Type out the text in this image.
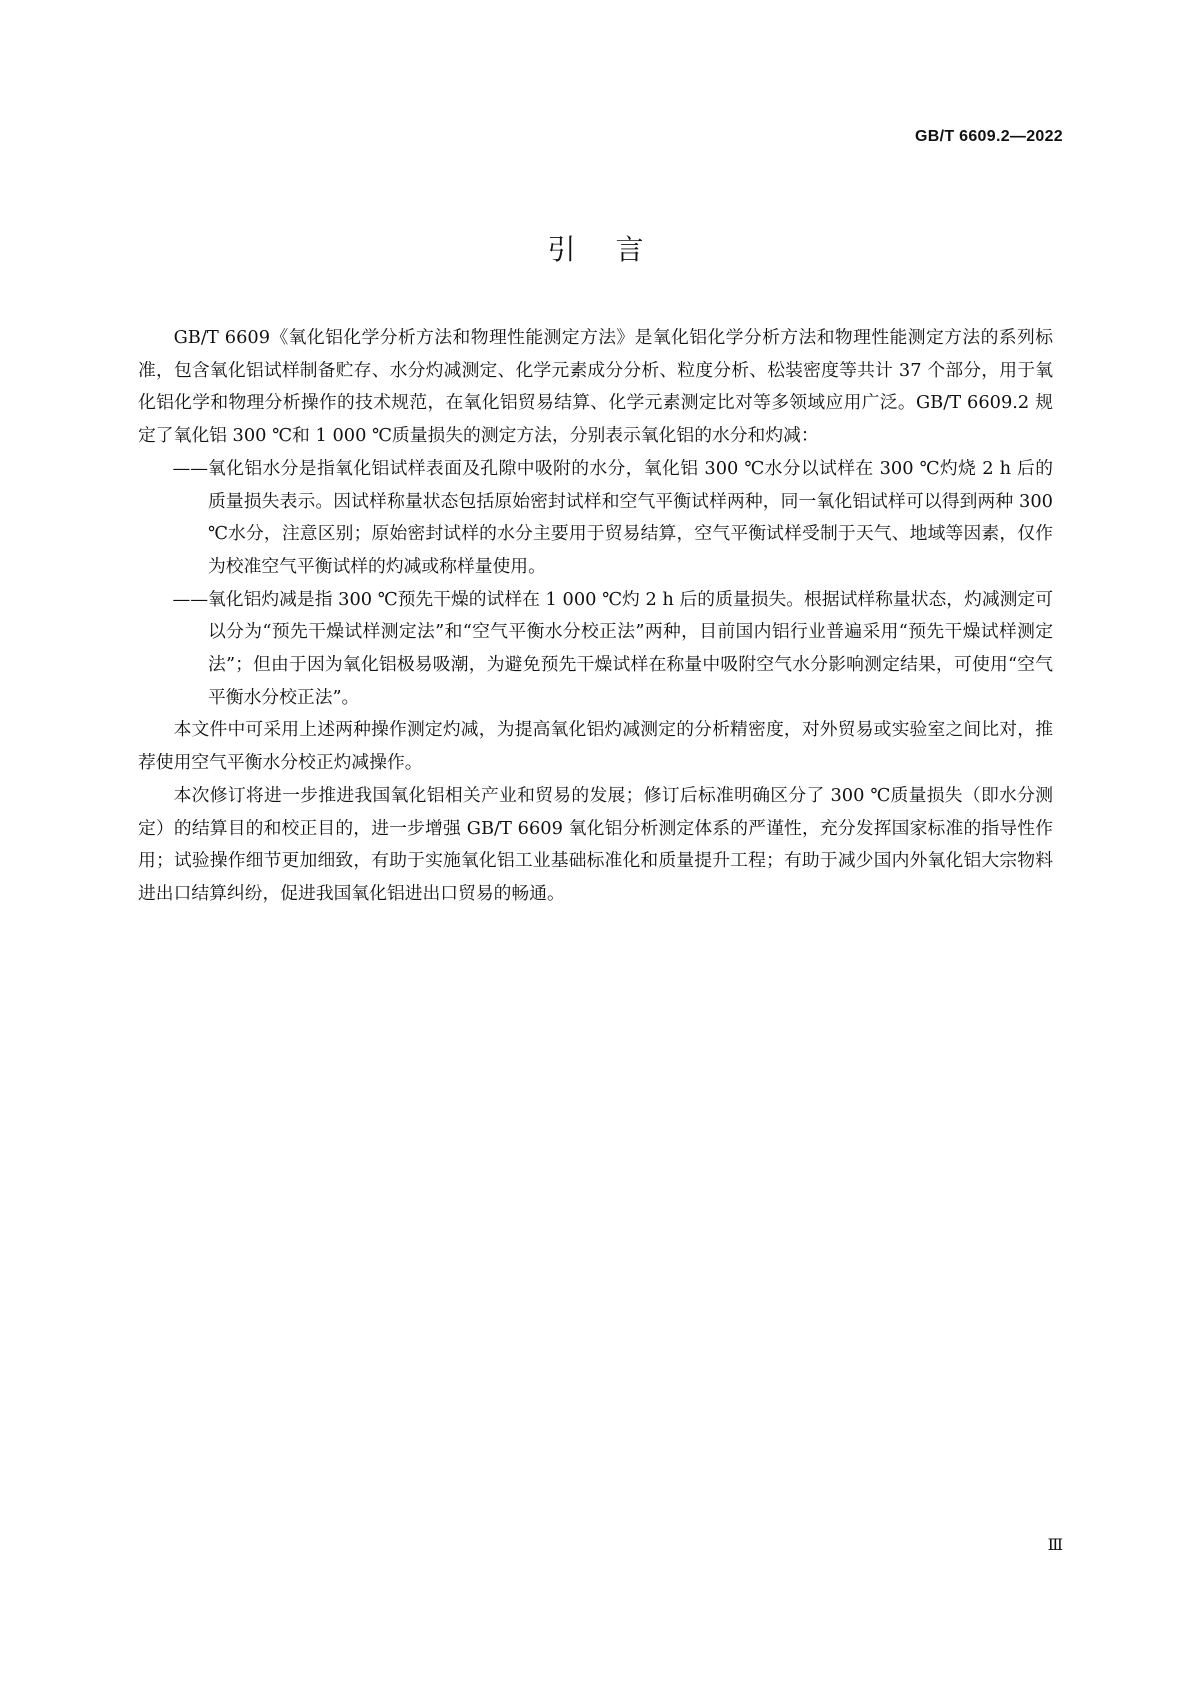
GB/T 6609.2—2022
引言

GB/T 6609《氧化铝化学分析方法和物理性能测定方法》是氧化铝化学分析方法和物理性能测定方法的系列标准，包含氧化铝试样制备贮存、水分灼减测定、化学元素成分分析、粒度分析、松装密度等共计 37 个部分，用于氧化铝化学和物理分析操作的技术规范，在氧化铝贸易结算、化学元素测定比对等多领域应用广泛。GB/T 6609.2 规定了氧化铝 300 ℃和 1 000 ℃质量损失的测定方法，分别表示氧化铝的水分和灼减：

—— 氧化铝水分是指氧化铝试样表面及孔隙中吸附的水分，氧化铝 300 ℃水分以试样在 300 ℃灼烧 2 h 后的质量损失表示。因试样称量状态包括原始密封试样和空气平衡试样两种，同一氧化铝试样可以得到两种 300 ℃水分，注意区别；原始密封试样的水分主要用于贸易结算，空气平衡试样受制于天气、地域等因素，仅作为校准空气平衡试样的灼减或称样量使用。
—— 氧化铝灼减是指 300 ℃预先干燥的试样在 1 000 ℃灼 2 h 后的质量损失。根据试样称量状态，灼减测定可以分为“预先干燥试样测定法”和“空气平衡水分校正法”两种，目前国内铝行业普遍采用“预先干燥试样测定法”；但由于因为氧化铝极易吸潮，为避免预先干燥试样在称量中吸附空气水分影响测定结果，可使用“空气平衡水分校正法”。

本文件中可采用上述两种操作测定灼减，为提高氧化铝灼减测定的分析精密度，对外贸易或实验室之间比对，推荐使用空气平衡水分校正灼减操作。

本次修订将进一步推进我国氧化铝相关产业和贸易的发展；修订后标准明确区分了 300 ℃质量损失（即水分测定）的结算目的和校正目的，进一步增强 GB/T 6609 氧化铝分析测定体系的严谨性，充分发挥国家标准的指导性作用；试验操作细节更加细致，有助于实施氧化铝工业基础标准化和质量提升工程；有助于减少国内外氧化铝大宗物料进出口结算纠纷，促进我国氧化铝进出口贸易的畅通。

Ⅲ
